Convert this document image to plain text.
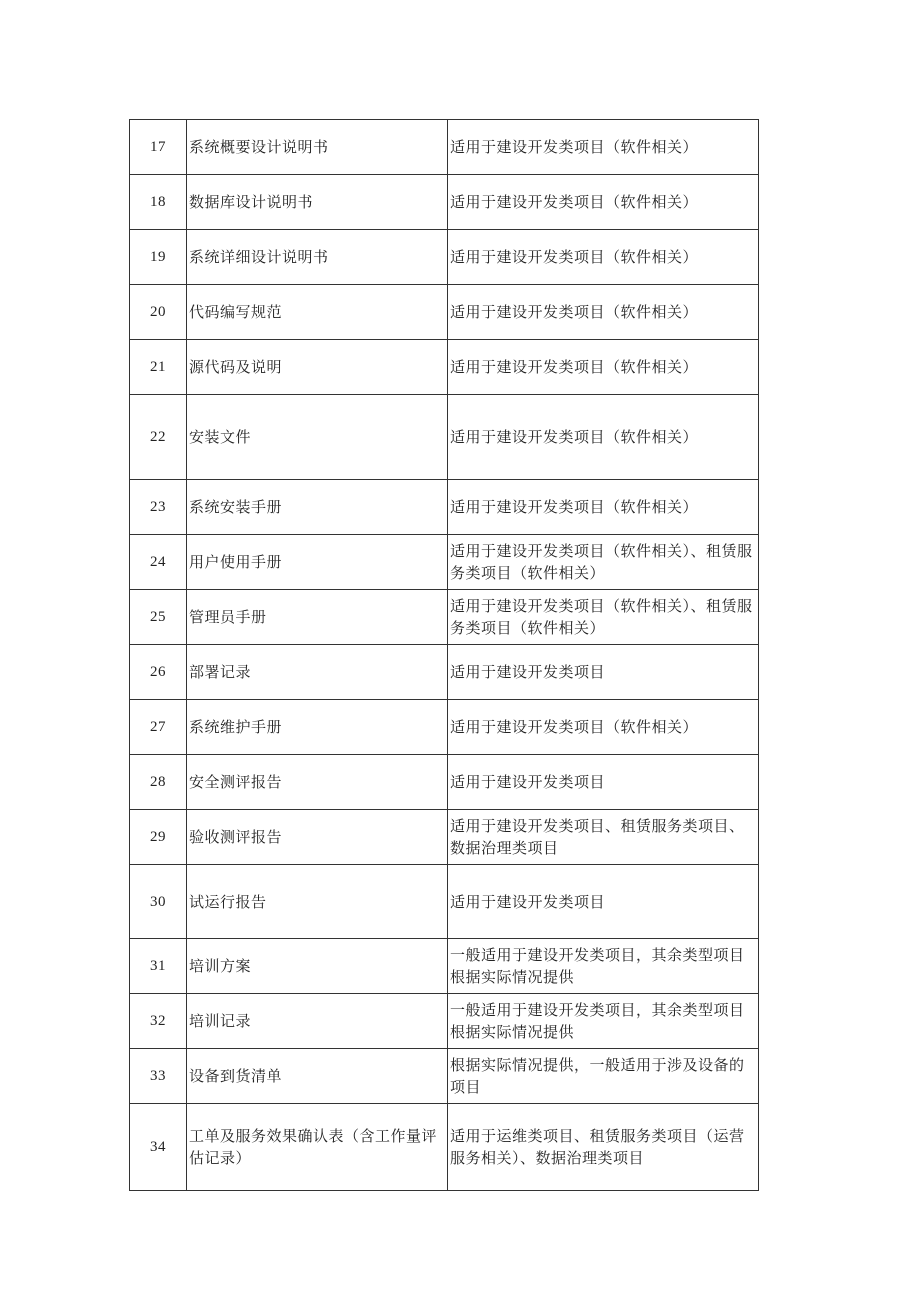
17	系统概要设计说明书	适用于建设开发类项目（软件相关）
18	数据库设计说明书	适用于建设开发类项目（软件相关）
19	系统详细设计说明书	适用于建设开发类项目（软件相关）
20	代码编写规范	适用于建设开发类项目（软件相关）
21	源代码及说明	适用于建设开发类项目（软件相关）
22	安装文件	适用于建设开发类项目（软件相关）
23	系统安装手册	适用于建设开发类项目（软件相关）
24	用户使用手册	适用于建设开发类项目（软件相关）、租赁服务类项目（软件相关）
25	管理员手册	适用于建设开发类项目（软件相关）、租赁服务类项目（软件相关）
26	部署记录	适用于建设开发类项目
27	系统维护手册	适用于建设开发类项目（软件相关）
28	安全测评报告	适用于建设开发类项目
29	验收测评报告	适用于建设开发类项目、租赁服务类项目、数据治理类项目
30	试运行报告	适用于建设开发类项目
31	培训方案	一般适用于建设开发类项目，其余类型项目根据实际情况提供
32	培训记录	一般适用于建设开发类项目，其余类型项目根据实际情况提供
33	设备到货清单	根据实际情况提供，一般适用于涉及设备的项目
34	工单及服务效果确认表（含工作量评估记录）	适用于运维类项目、租赁服务类项目（运营服务相关）、数据治理类项目
